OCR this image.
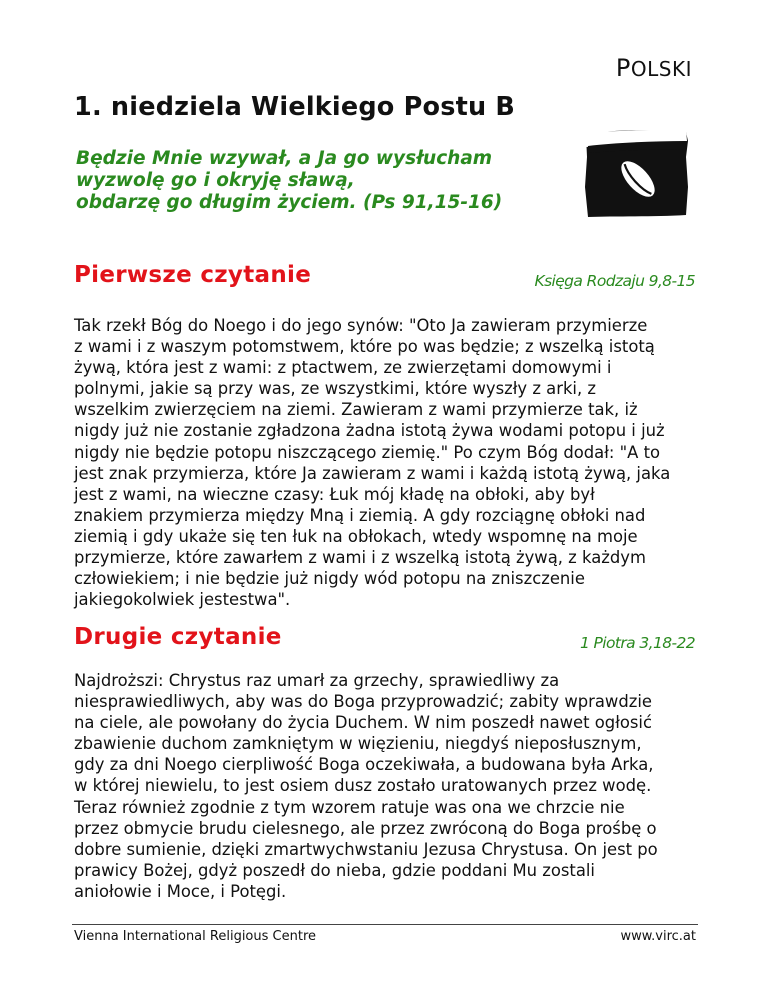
POLSKI
1. niedziela Wielkiego Postu B
Będzie Mnie wzywał, a Ja go wysłucham
wyzwolę go i okryję sławą,
obdarzę go długim życiem. (Ps 91,15-16)
Pierwsze czytanie	Księga Rodzaju 9,8-15
Tak rzekł Bóg do Noego i do jego synów: "Oto Ja zawieram przymierze
z wami i z waszym potomstwem, które po was będzie; z wszelką istotą
żywą, która jest z wami: z ptactwem, ze zwierzętami domowymi i
polnymi, jakie są przy was, ze wszystkimi, które wyszły z arki, z
wszelkim zwierzęciem na ziemi. Zawieram z wami przymierze tak, iż
nigdy już nie zostanie zgładzona żadna istotą żywa wodami potopu i już
nigdy nie będzie potopu niszczącego ziemię." Po czym Bóg dodał: "A to
jest znak przymierza, które Ja zawieram z wami i każdą istotą żywą, jaka
jest z wami, na wieczne czasy: Łuk mój kładę na obłoki, aby był
znakiem przymierza między Mną i ziemią. A gdy rozciągnę obłoki nad
ziemią i gdy ukaże się ten łuk na obłokach, wtedy wspomnę na moje
przymierze, które zawarłem z wami i z wszelką istotą żywą, z każdym
człowiekiem; i nie będzie już nigdy wód potopu na zniszczenie
jakiegokolwiek jestestwa".
Drugie czytanie	1 Piotra 3,18-22
Najdroższi: Chrystus raz umarł za grzechy, sprawiedliwy za
niesprawiedliwych, aby was do Boga przyprowadzić; zabity wprawdzie
na ciele, ale powołany do życia Duchem. W nim poszedł nawet ogłosić
zbawienie duchom zamkniętym w więzieniu, niegdyś nieposłusznym,
gdy za dni Noego cierpliwość Boga oczekiwała, a budowana była Arka,
w której niewielu, to jest osiem dusz zostało uratowanych przez wodę.
Teraz również zgodnie z tym wzorem ratuje was ona we chrzcie nie
przez obmycie brudu cielesnego, ale przez zwróconą do Boga prośbę o
dobre sumienie, dzięki zmartwychwstaniu Jezusa Chrystusa. On jest po
prawicy Bożej, gdyż poszedł do nieba, gdzie poddani Mu zostali
aniołowie i Moce, i Potęgi.
Vienna International Religious Centre	www.virc.at
